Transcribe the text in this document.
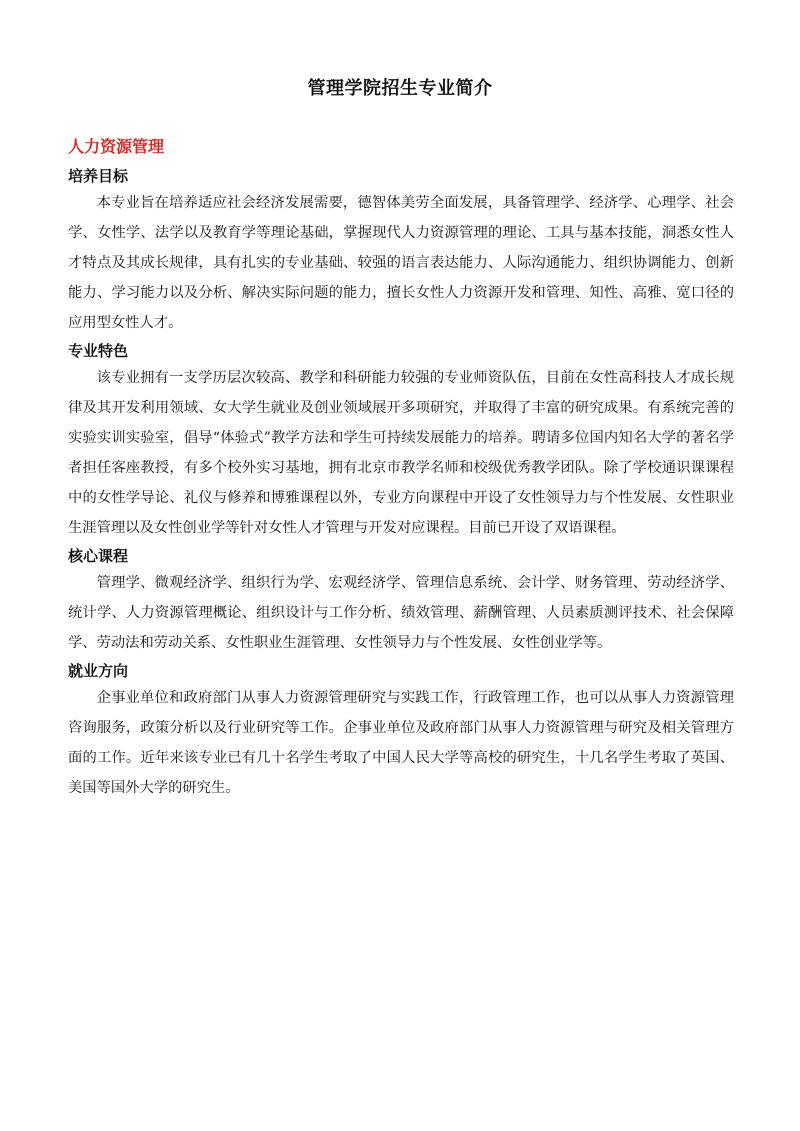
管理学院招生专业简介
人力资源管理
培养目标

本专业旨在培养适应社会经济发展需要，德智体美劳全面发展，具备管理学、经济学、心理学、社会学、女性学、法学以及教育学等理论基础，掌握现代人力资源管理的理论、工具与基本技能，洞悉女性人才特点及其成长规律，具有扎实的专业基础、较强的语言表达能力、人际沟通能力、组织协调能力、创新能力、学习能力以及分析、解决实际问题的能力，擅长女性人力资源开发和管理、知性、高雅、宽口径的应用型女性人才。

专业特色

该专业拥有一支学历层次较高、教学和科研能力较强的专业师资队伍，目前在女性高科技人才成长规律及其开发利用领域、女大学生就业及创业领域展开多项研究，并取得了丰富的研究成果。有系统完善的实验实训实验室，倡导“体验式”教学方法和学生可持续发展能力的培养。聘请多位国内知名大学的著名学者担任客座教授，有多个校外实习基地，拥有北京市教学名师和校级优秀教学团队。除了学校通识课课程中的女性学导论、礼仪与修养和博雅课程以外，专业方向课程中开设了女性领导力与个性发展、女性职业生涯管理以及女性创业学等针对女性人才管理与开发对应课程。目前已开设了双语课程。

核心课程

管理学、微观经济学、组织行为学、宏观经济学、管理信息系统、会计学、财务管理、劳动经济学、统计学、人力资源管理概论、组织设计与工作分析、绩效管理、薪酬管理、人员素质测评技术、社会保障学、劳动法和劳动关系、女性职业生涯管理、女性领导力与个性发展、女性创业学等。

就业方向

企事业单位和政府部门从事人力资源管理研究与实践工作，行政管理工作，也可以从事人力资源管理咨询服务，政策分析以及行业研究等工作。企事业单位及政府部门从事人力资源管理与研究及相关管理方面的工作。近年来该专业已有几十名学生考取了中国人民大学等高校的研究生，十几名学生考取了英国、美国等国外大学的研究生。
